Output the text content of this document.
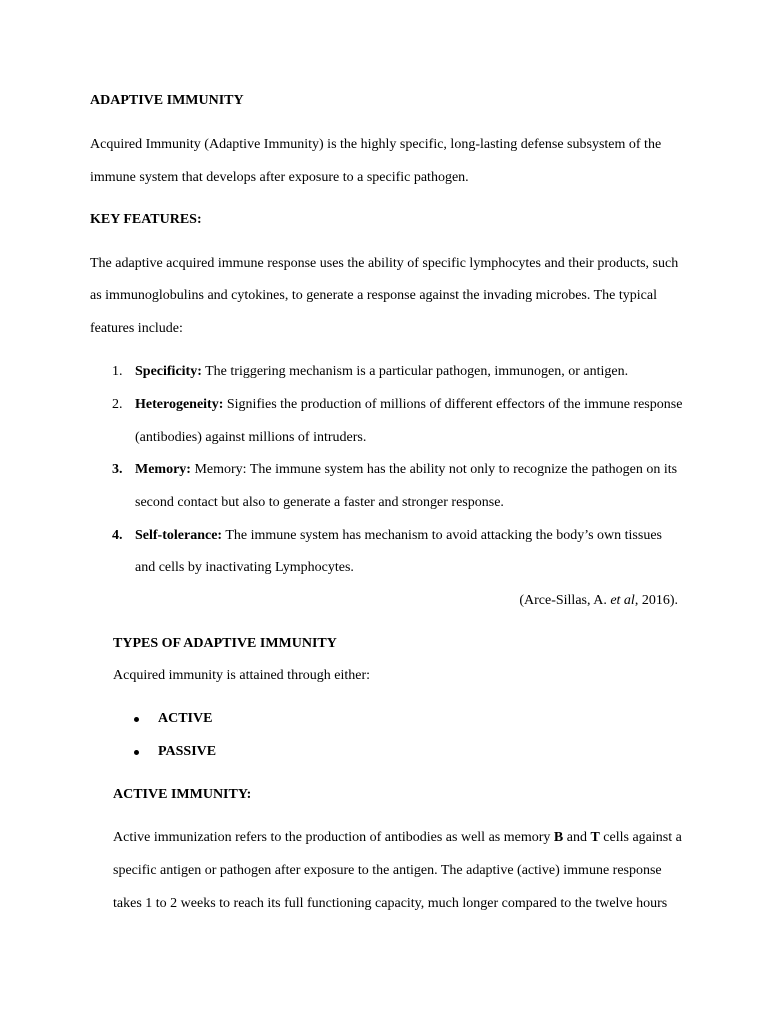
ADAPTIVE IMMUNITY
Acquired Immunity (Adaptive Immunity) is the highly specific, long-lasting defense subsystem of the
immune system that develops after exposure to a specific pathogen.
KEY FEATURES:
The adaptive acquired immune response uses the ability of specific lymphocytes and their products, such
as immunoglobulins and cytokines, to generate a response against the invading microbes. The typical
features include:
1. Specificity: The triggering mechanism is a particular pathogen, immunogen, or antigen.
2. Heterogeneity: Signifies the production of millions of different effectors of the immune response
(antibodies) against millions of intruders.
3. Memory: Memory: The immune system has the ability not only to recognize the pathogen on its
second contact but also to generate a faster and stronger response.
4. Self-tolerance: The immune system has mechanism to avoid attacking the body’s own tissues
and cells by inactivating Lymphocytes.
(Arce-Sillas, A. et al, 2016).
TYPES OF ADAPTIVE IMMUNITY
Acquired immunity is attained through either:
ACTIVE
PASSIVE
ACTIVE IMMUNITY:
Active immunization refers to the production of antibodies as well as memory B and T cells against a
specific antigen or pathogen after exposure to the antigen. The adaptive (active) immune response
takes 1 to 2 weeks to reach its full functioning capacity, much longer compared to the twelve hours
